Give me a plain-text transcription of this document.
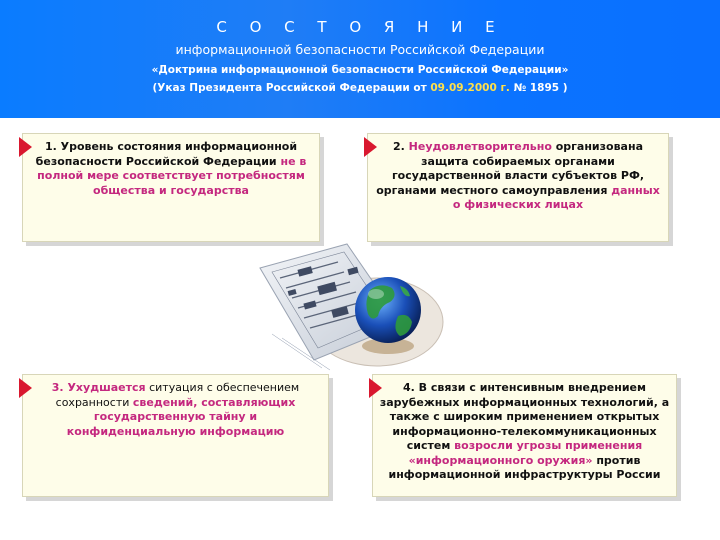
С О С Т О Я Н И Е
информационной безопасности Российской Федерации
«Доктрина информационной безопасности Российской Федерации»
(Указ Президента Российской Федерации от 09.09.2000 г. № 1895 )
1. Уровень состояния информационной безопасности Российской Федерации не в полной мере соответствует потребностям общества и государства
2. Неудовлетворительно организована защита собираемых органами государственной власти субъектов РФ, органами местного самоуправления данных о физических лицах
3. Ухудшается ситуация с обеспечением сохранности сведений, составляющих государственную тайну и конфиденциальную информацию
4. В связи с интенсивным внедрением зарубежных информационных технологий, а также с широким применением открытых информационно-телекоммуникационных систем возросли угрозы применения «информационного оружия» против информационной инфраструктуры России
